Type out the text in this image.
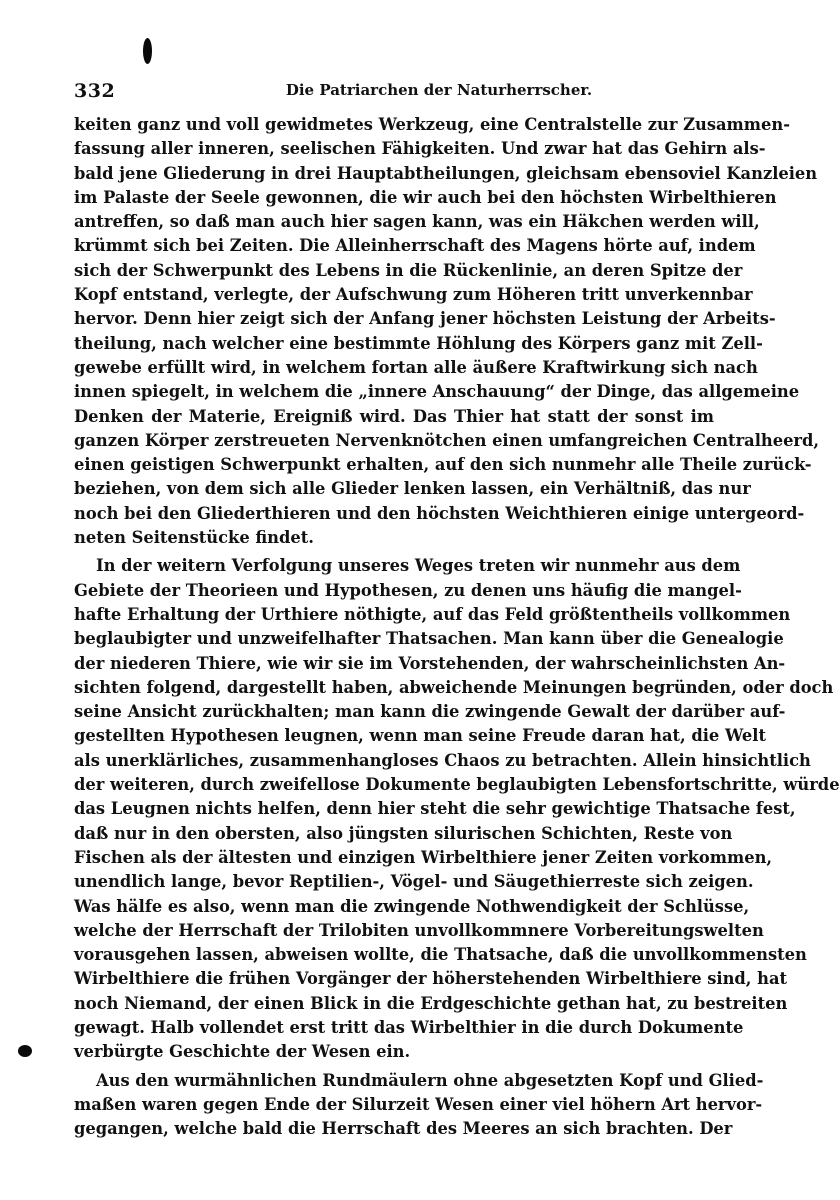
332	Die Patriarchen der Naturherrscher.
keiten ganz und voll gewidmetes Werkzeug, eine Centralstelle zur Zusammen-
fassung aller inneren, seelischen Fähigkeiten. Und zwar hat das Gehirn als-
bald jene Gliederung in drei Hauptabtheilungen, gleichsam ebensoviel Kanzleien
im Palaste der Seele gewonnen, die wir auch bei den höchsten Wirbelthieren
antreffen, so daß man auch hier sagen kann, was ein Häkchen werden will,
krümmt sich bei Zeiten. Die Alleinherrschaft des Magens hörte auf, indem
sich der Schwerpunkt des Lebens in die Rückenlinie, an deren Spitze der
Kopf entstand, verlegte, der Aufschwung zum Höheren tritt unverkennbar
hervor. Denn hier zeigt sich der Anfang jener höchsten Leistung der Arbeits-
theilung, nach welcher eine bestimmte Höhlung des Körpers ganz mit Zell-
gewebe erfüllt wird, in welchem fortan alle äußere Kraftwirkung sich nach
innen spiegelt, in welchem die „innere Anschauung“ der Dinge, das allgemeine
Denken der Materie, Ereigniß wird. Das Thier hat statt der sonst im
ganzen Körper zerstreueten Nervenknötchen einen umfangreichen Centralheerd,
einen geistigen Schwerpunkt erhalten, auf den sich nunmehr alle Theile zurück-
beziehen, von dem sich alle Glieder lenken lassen, ein Verhältniß, das nur
noch bei den Gliederthieren und den höchsten Weichthieren einige untergeord-
neten Seitenstücke findet.
In der weitern Verfolgung unseres Weges treten wir nunmehr aus dem
Gebiete der Theorieen und Hypothesen, zu denen uns häufig die mangel-
hafte Erhaltung der Urthiere nöthigte, auf das Feld größtentheils vollkommen
beglaubigter und unzweifelhafter Thatsachen. Man kann über die Genealogie
der niederen Thiere, wie wir sie im Vorstehenden, der wahrscheinlichsten An-
sichten folgend, dargestellt haben, abweichende Meinungen begründen, oder doch
seine Ansicht zurückhalten; man kann die zwingende Gewalt der darüber auf-
gestellten Hypothesen leugnen, wenn man seine Freude daran hat, die Welt
als unerklärliches, zusammenhangloses Chaos zu betrachten. Allein hinsichtlich
der weiteren, durch zweifellose Dokumente beglaubigten Lebensfortschritte, würde
das Leugnen nichts helfen, denn hier steht die sehr gewichtige Thatsache fest,
daß nur in den obersten, also jüngsten silurischen Schichten, Reste von
Fischen als der ältesten und einzigen Wirbelthiere jener Zeiten vorkommen,
unendlich lange, bevor Reptilien-, Vögel- und Säugethierreste sich zeigen.
Was hälfe es also, wenn man die zwingende Nothwendigkeit der Schlüsse,
welche der Herrschaft der Trilobiten unvollkommnere Vorbereitungswelten
vorausgehen lassen, abweisen wollte, die Thatsache, daß die unvollkommensten
Wirbelthiere die frühen Vorgänger der höherstehenden Wirbelthiere sind, hat
noch Niemand, der einen Blick in die Erdgeschichte gethan hat, zu bestreiten
gewagt. Halb vollendet erst tritt das Wirbelthier in die durch Dokumente
verbürgte Geschichte der Wesen ein.
Aus den wurmähnlichen Rundmäulern ohne abgesetzten Kopf und Glied-
maßen waren gegen Ende der Silurzeit Wesen einer viel höhern Art hervor-
gegangen, welche bald die Herrschaft des Meeres an sich brachten. Der
